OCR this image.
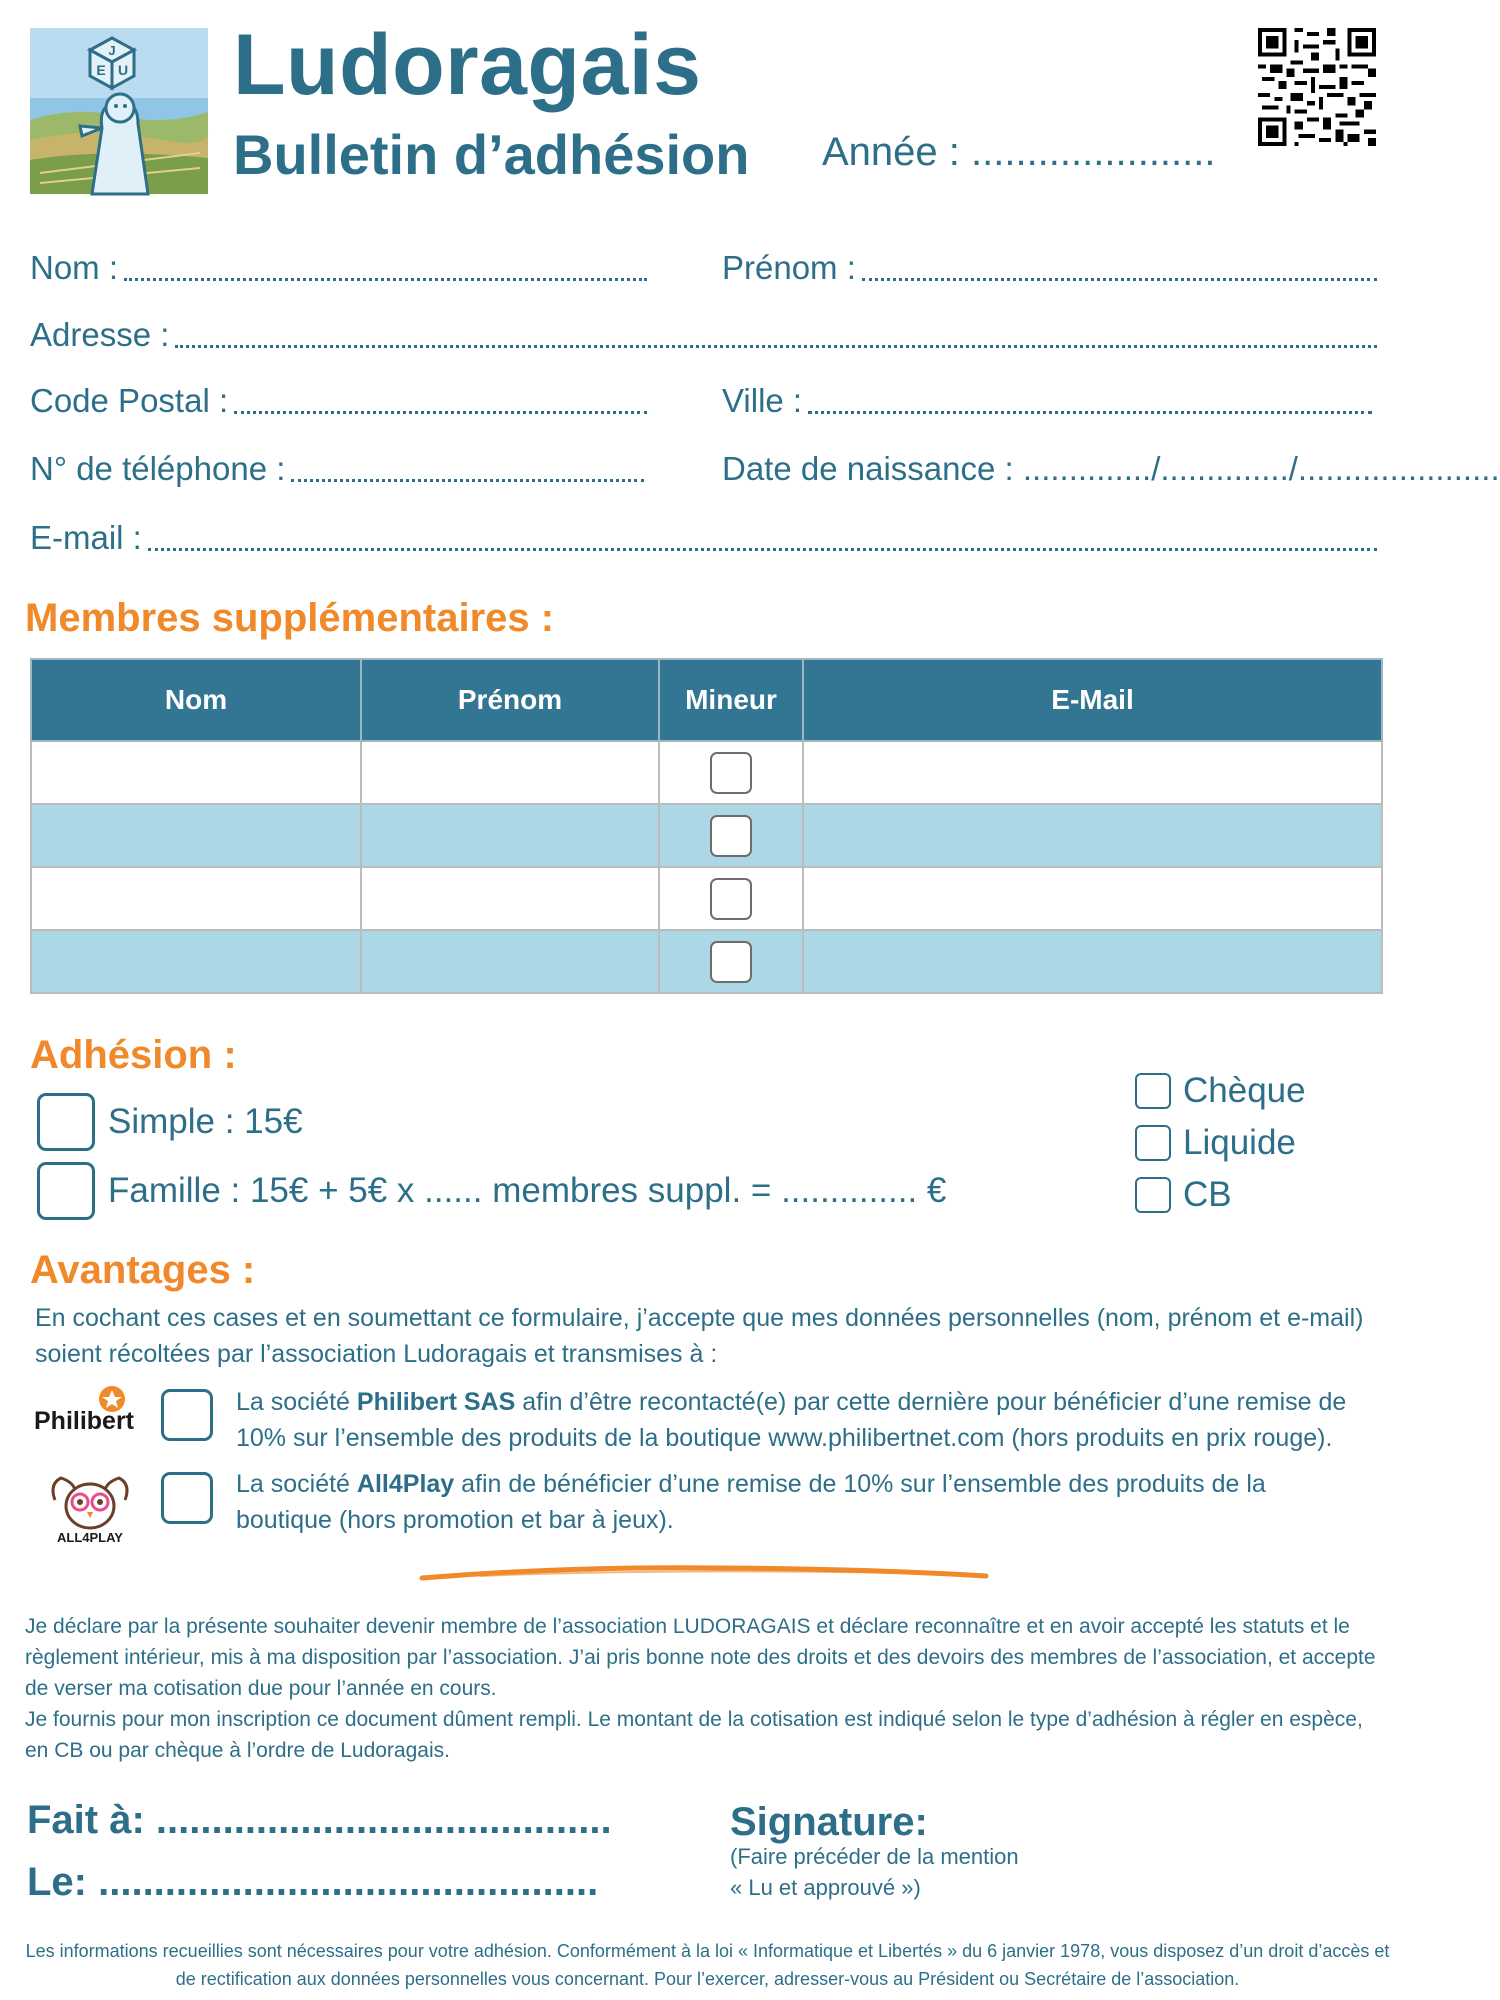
J
E U Ludoragais
Bulletin d’adhésion Année : ......................
Nom :	Prénom :
Adresse :
Code Postal :	Ville :
N° de téléphone :	Date de naissance : ............../............../......................
E-mail :
Membres supplémentaires :
Nom	Prénom	Mineur	E-Mail

Adhésion :
Simple : 15€
Famille : 15€ + 5€ x ...... membres suppl. = .............. €
Chèque
Liquide
CB
Avantages :
En cochant ces cases et en soumettant ce formulaire, j’accepte que mes données personnelles (nom, prénom et e-mail) soient récoltées par l’association Ludoragais et transmises à :
Philibert
La société Philibert SAS afin d’être recontacté(e) par cette dernière pour bénéficier d’une remise de 10% sur l’ensemble des produits de la boutique www.philibertnet.com (hors produits en prix rouge).
ALL4PLAY
La société All4Play afin de bénéficier d’une remise de 10% sur l’ensemble des produits de la boutique (hors promotion et bar à jeux).
Je déclare par la présente souhaiter devenir membre de l’association LUDORAGAIS et déclare reconnaître et en avoir accepté les statuts et le règlement intérieur, mis à ma disposition par l’association. J’ai pris bonne note des droits et des devoirs des membres de l’association, et accepte de verser ma cotisation due pour l’année en cours.
Je fournis pour mon inscription ce document dûment rempli. Le montant de la cotisation est indiqué selon le type d’adhésion à régler en espèce, en CB ou par chèque à l’ordre de Ludoragais.
Fait à: .........................................
Le: .............................................
Signature:
(Faire précéder de la mention
« Lu et approuvé »)
Les informations recueillies sont nécessaires pour votre adhésion. Conformément à la loi « Informatique et Libertés » du 6 janvier 1978, vous disposez d’un droit d’accès et de rectification aux données personnelles vous concernant. Pour l’exercer, adresser-vous au Président ou Secrétaire de l’association.
